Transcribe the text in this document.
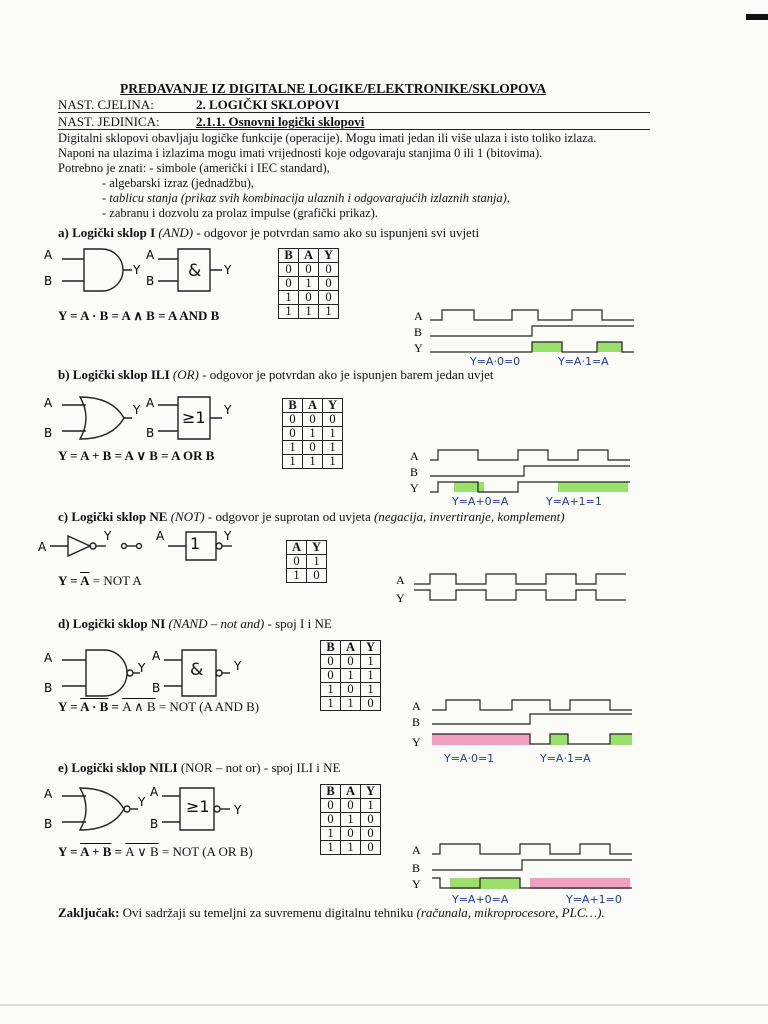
PREDAVANJE IZ DIGITALNE LOGIKE/ELEKTRONIKE/SKLOPOVA
NAST. CJELINA:	2. LOGIČKI SKLOPOVI
NAST. JEDINICA:	2.1.1. Osnovni logički sklopovi
Digitalni sklopovi obavljaju logičke funkcije (operacije). Mogu imati jedan ili više ulaza i isto toliko izlaza.
Naponi na ulazima i izlazima mogu imati vrijednosti koje odgovaraju stanjima 0 ili 1 (bitovima).
Potrebno je znati: - simbole (američki i IEC standard),
- algebarski izraz (jednadžbu),
- tablicu stanja (prikaz svih kombinacija ulaznih i odgovarajućih izlaznih stanja),
- zabranu i dozvolu za prolaz impulse (grafički prikaz).
a) Logički sklop I (AND) - odgovor je potvrdan samo ako su ispunjeni svi uvjeti
A
B
Y
A
B
Y
&
Y = A · B = A ∧ B = A AND B
B	A	Y
0	0	0
0	1	0
1	0	0
1	1	1	A
B
Y
Y=A·0=0	Y=A·1=A
b) Logički sklop ILI (OR) - odgovor je potvrdan ako je ispunjen barem jedan uvjet
A
B
Y A
B
Y
≥1
Y = A + B = A ∨ B = A OR B
B	A	Y
0	0	0
0	1	1
1	0	1
1	1	1	A
B
Y
Y=A+0=A	Y=A+1=1
c) Logički sklop NE (NOT) - odgovor je suprotan od uvjeta (negacija, invertiranje, komplement)
A
Y	A	Y
1
$Y = \overline{A}$ = NOT A
A	Y
0	1
1	0	A
Y
d) Logički sklop NI (NAND – not and) - spoj I i NE
A
B
Y
A
B
Y
&
Y = A · B = A ∧ B = NOT (A AND B)
B	A	Y
0	0	1
0	1	1
1	0	1
1	1	0	A
B
Y
Y=A·0=1	Y=A·1=A
e) Logički sklop NILI (NOR – not or) - spoj ILI i NE
A
B
Y
A
B
Y
≥1
Y = A + B = A ∨ B = NOT (A OR B)
B	A	Y
0	0	1
0	1	0
1	0	0
1	1	0	A
B
Y
Y=A+0=A	Y=A+1=0
Zaključak: Ovi sadržaji su temeljni za suvremenu digitalnu tehniku (računala, mikroprocesore, PLC…).
